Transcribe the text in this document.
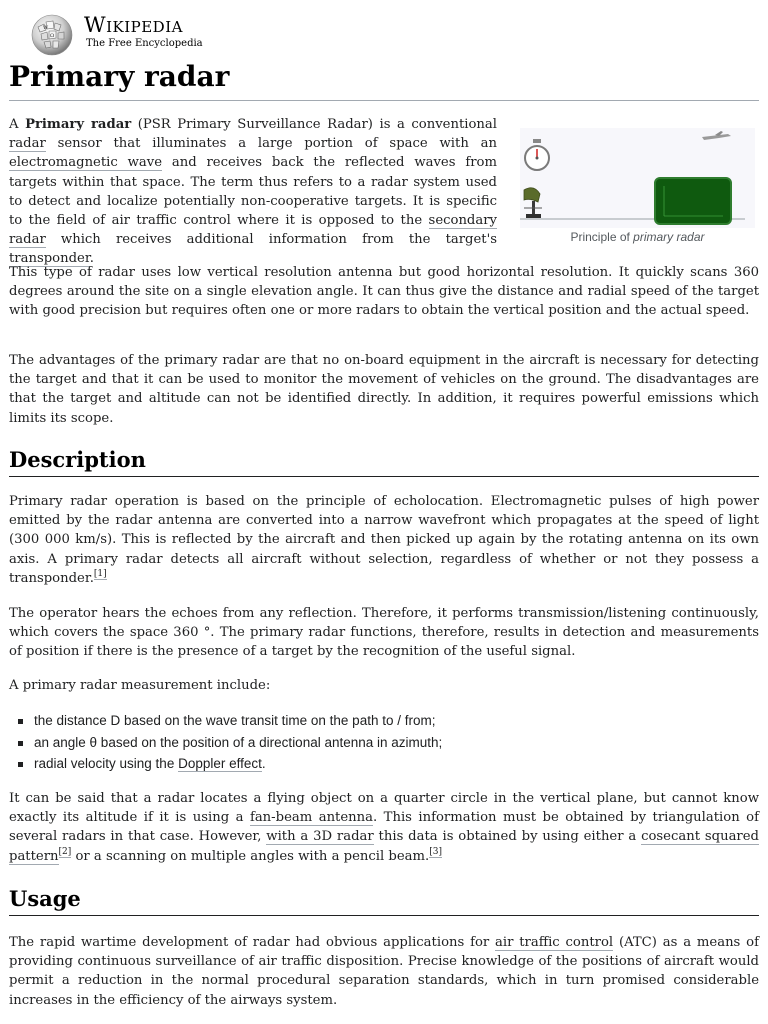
W
Ω Wikipedia
The Free Encyclopedia
Primary radar

A Primary radar (PSR Primary Surveillance Radar) is a conventional radar sensor that illuminates a large portion of space with an electromagnetic wave and receives back the reflected waves from targets within that space. The term thus refers to a radar system used to detect and localize potentially non-cooperative targets. It is specific to the field of air traffic control where it is opposed to the secondary radar which receives additional information from the target's transponder.

Principle of primary radar

This type of radar uses low vertical resolution antenna but good horizontal resolution. It quickly scans 360 degrees around the site on a single elevation angle. It can thus give the distance and radial speed of the target with good precision but requires often one or more radars to obtain the vertical position and the actual speed.

The advantages of the primary radar are that no on-board equipment in the aircraft is necessary for detecting the target and that it can be used to monitor the movement of vehicles on the ground. The disadvantages are that the target and altitude can not be identified directly. In addition, it requires powerful emissions which limits its scope.

Description

Primary radar operation is based on the principle of echolocation. Electromagnetic pulses of high power emitted by the radar antenna are converted into a narrow wavefront which propagates at the speed of light (300 000 km/s). This is reflected by the aircraft and then picked up again by the rotating antenna on its own axis. A primary radar detects all aircraft without selection, regardless of whether or not they possess a transponder.[1]

The operator hears the echoes from any reflection. Therefore, it performs transmission/listening continuously, which covers the space 360 °. The primary radar functions, therefore, results in detection and measurements of position if there is the presence of a target by the recognition of the useful signal.

A primary radar measurement include:

the distance D based on the wave transit time on the path to / from;
an angle θ based on the position of a directional antenna in azimuth;
radial velocity using the Doppler effect.

It can be said that a radar locates a flying object on a quarter circle in the vertical plane, but cannot know exactly its altitude if it is using a fan-beam antenna. This information must be obtained by triangulation of several radars in that case. However, with a 3D radar this data is obtained by using either a cosecant squared pattern[2] or a scanning on multiple angles with a pencil beam.[3]

Usage

The rapid wartime development of radar had obvious applications for air traffic control (ATC) as a means of providing continuous surveillance of air traffic disposition. Precise knowledge of the positions of aircraft would permit a reduction in the normal procedural separation standards, which in turn promised considerable increases in the efficiency of the airways system.
